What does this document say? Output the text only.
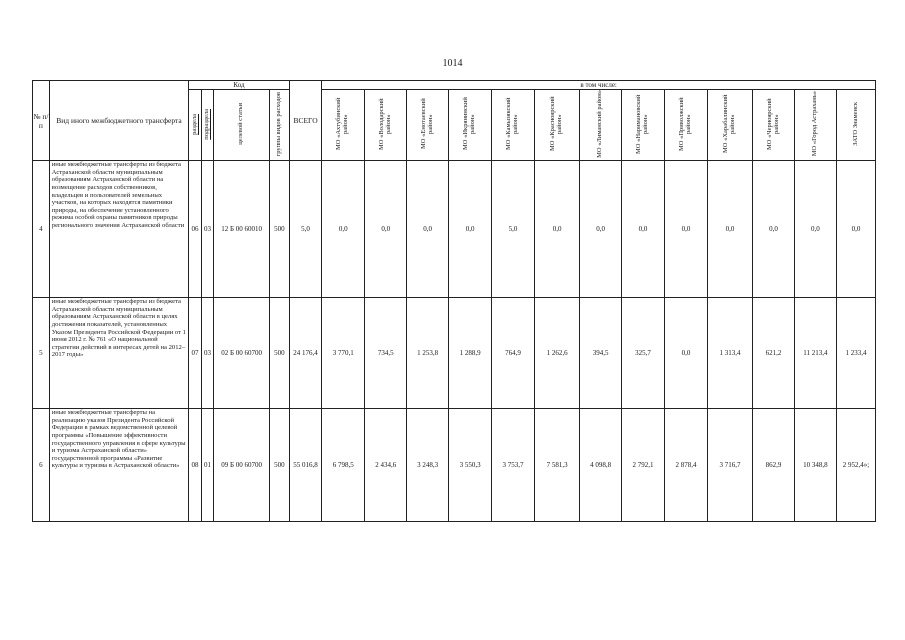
1014
№ п/п	Вид иного межбюджетного трансферта	Код				ВСЕГО	в том числе:												
		раздела	подраздела	целевой статьи	группы видов расходов		МО «Ахтубинский район»	МО «Володарский район»	МО «Енотаевский район»	МО «Икрянинский район»	МО «Камызякский район»	МО «Красноярский район»	МО «Лиманский район»	МО «Наримановский район»	МО «Приволжский район»	МО «Харабалинский район»	МО «Черноярский район»	МО «Город Астрахань»	ЗАТО Знаменск
4	иные межбюджетные трансферты из бюджета Астраханской области муниципальным образованиям Астраханской области на возмещение расходов собственников, владельцев и пользователей земельных участков, на которых находятся памятники природы, на обеспечение установленного режима особой охраны памятников природы регионального значения Астраханской области	06	03	12 Б 00 60010	500	5,0	0,0	0,0	0,0	0,0	5,0	0,0	0,0	0,0	0,0	0,0	0,0	0,0	0,0
5	иные межбюджетные трансферты из бюджета Астраханской области муниципальным образованиям Астраханской области в целях достижения показателей, установленных Указом Президента Российской Федерации от 1 июня 2012 г. № 761 «О национальной стратегии действий в интересах детей на 2012–2017 годы»	07	03	02 Б 00 60700	500	24 176,4	3 770,1	734,5	1 253,8	1 288,9	764,9	1 262,6	394,5	325,7	0,0	1 313,4	621,2	11 213,4	1 233,4
6	иные межбюджетные трансферты на реализацию указов Президента Российской Федерации в рамках ведомственной целевой программы «Повышение эффективности государственного управления в сфере культуры и туризма Астраханской области» государственной программы «Развитие культуры и туризма в Астраханской области»	08	01	09 Б 00 60700	500	55 016,8	6 798,5	2 434,6	3 248,3	3 550,3	3 753,7	7 581,3	4 098,8	2 792,1	2 878,4	3 716,7	862,9	10 348,8	2 952,4»;
